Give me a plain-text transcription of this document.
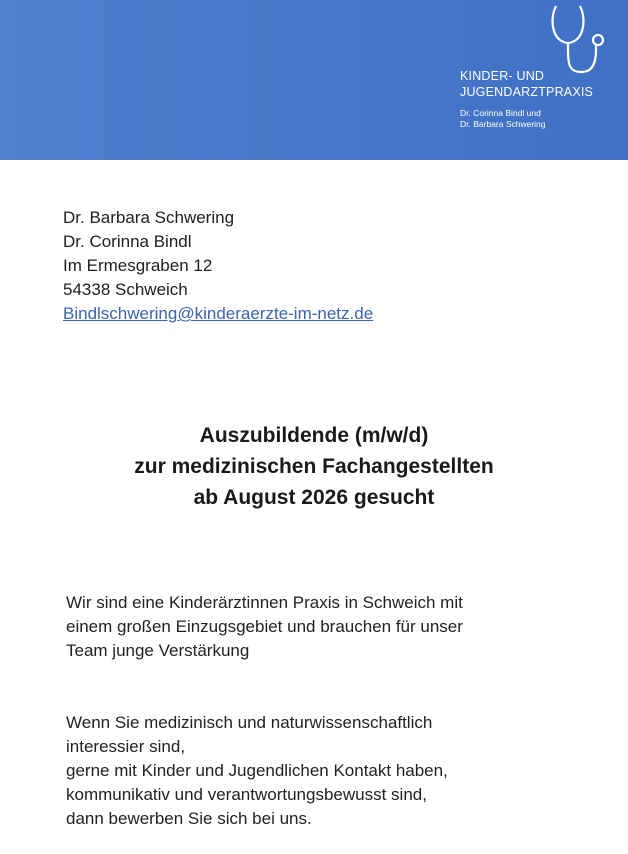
KINDER- UND
JUGENDARZTPRAXIS
Dr. Corinna Bindl und
Dr. Barbara Schwering
Dr. Barbara Schwering
Dr. Corinna Bindl
Im Ermesgraben 12
54338 Schweich
Bindlschwering@kinderaerzte-im-netz.de
Auszubildende (m/w/d)
zur medizinischen Fachangestellten
ab August 2026 gesucht
Wir sind eine Kinderärztinnen Praxis in Schweich mit
einem großen Einzugsgebiet und brauchen für unser
Team junge Verstärkung
Wenn Sie medizinisch und naturwissenschaftlich
interessier sind,
gerne mit Kinder und Jugendlichen Kontakt haben,
kommunikativ und verantwortungsbewusst sind,
dann bewerben Sie sich bei uns.
